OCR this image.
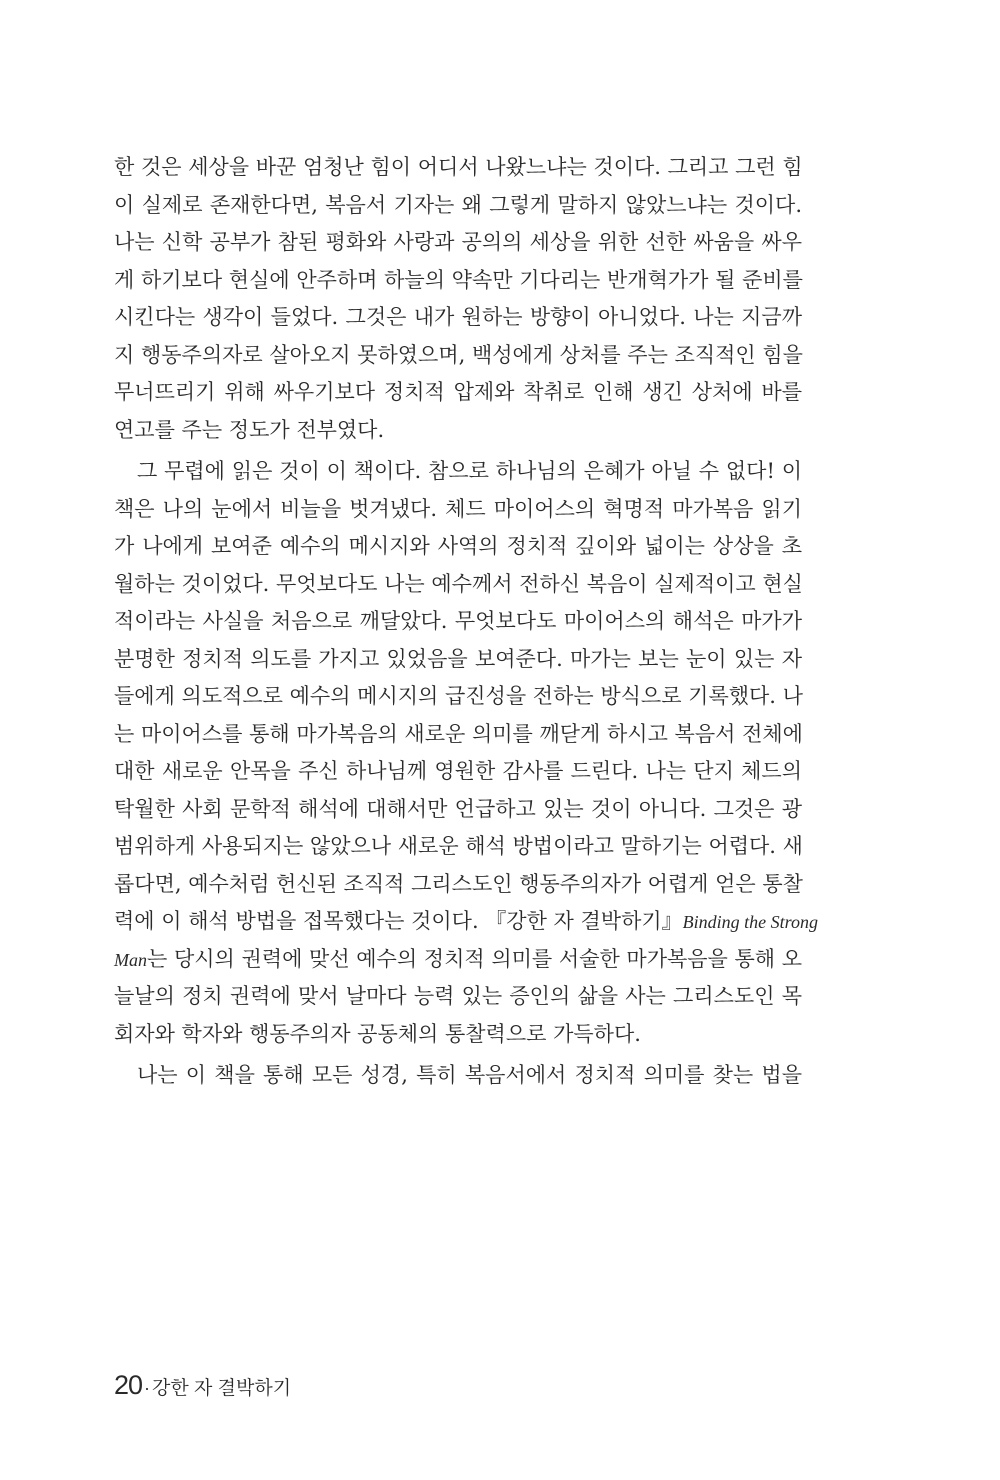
한 것은 세상을 바꾼 엄청난 힘이 어디서 나왔느냐는 것이다. 그리고 그런 힘
이 실제로 존재한다면, 복음서 기자는 왜 그렇게 말하지 않았느냐는 것이다.
나는 신학 공부가 참된 평화와 사랑과 공의의 세상을 위한 선한 싸움을 싸우
게 하기보다 현실에 안주하며 하늘의 약속만 기다리는 반개혁가가 될 준비를
시킨다는 생각이 들었다. 그것은 내가 원하는 방향이 아니었다. 나는 지금까
지 행동주의자로 살아오지 못하였으며, 백성에게 상처를 주는 조직적인 힘을
무너뜨리기 위해 싸우기보다 정치적 압제와 착취로 인해 생긴 상처에 바를
연고를 주는 정도가 전부였다.
그 무렵에 읽은 것이 이 책이다. 참으로 하나님의 은혜가 아닐 수 없다! 이
책은 나의 눈에서 비늘을 벗겨냈다. 체드 마이어스의 혁명적 마가복음 읽기
가 나에게 보여준 예수의 메시지와 사역의 정치적 깊이와 넓이는 상상을 초
월하는 것이었다. 무엇보다도 나는 예수께서 전하신 복음이 실제적이고 현실
적이라는 사실을 처음으로 깨달았다. 무엇보다도 마이어스의 해석은 마가가
분명한 정치적 의도를 가지고 있었음을 보여준다. 마가는 보는 눈이 있는 자
들에게 의도적으로 예수의 메시지의 급진성을 전하는 방식으로 기록했다. 나
는 마이어스를 통해 마가복음의 새로운 의미를 깨닫게 하시고 복음서 전체에
대한 새로운 안목을 주신 하나님께 영원한 감사를 드린다. 나는 단지 체드의
탁월한 사회 문학적 해석에 대해서만 언급하고 있는 것이 아니다. 그것은 광
범위하게 사용되지는 않았으나 새로운 해석 방법이라고 말하기는 어렵다. 새
롭다면, 예수처럼 헌신된 조직적 그리스도인 행동주의자가 어렵게 얻은 통찰
력에 이 해석 방법을 접목했다는 것이다. 『강한 자 결박하기』Binding the Strong
Man는 당시의 권력에 맞선 예수의 정치적 의미를 서술한 마가복음을 통해 오
늘날의 정치 권력에 맞서 날마다 능력 있는 증인의 삶을 사는 그리스도인 목
회자와 학자와 행동주의자 공동체의 통찰력으로 가득하다.
나는 이 책을 통해 모든 성경, 특히 복음서에서 정치적 의미를 찾는 법을
20 · 강한 자 결박하기
